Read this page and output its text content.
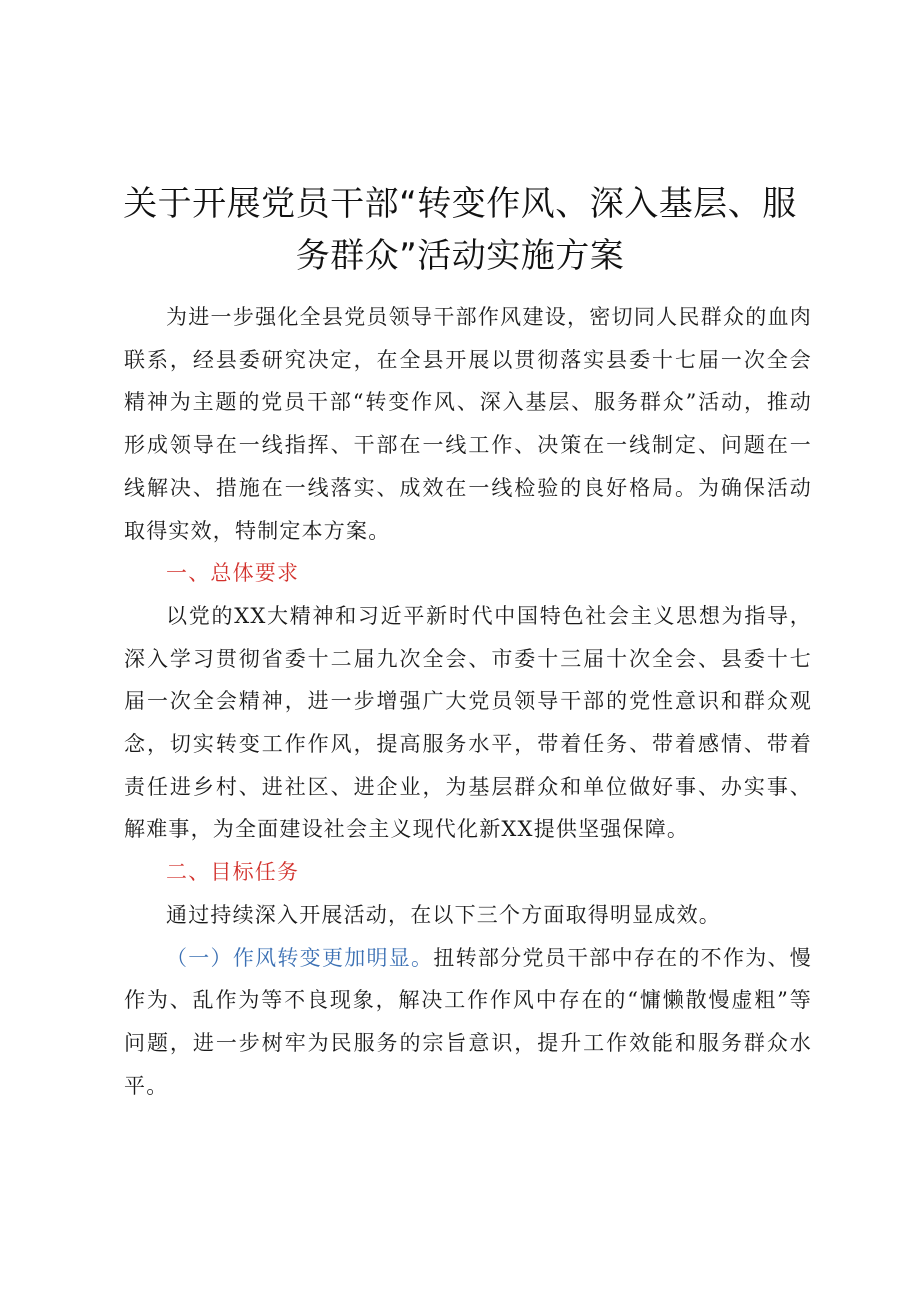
关于开展党员干部“转变作风、深入基层、服
务群众”活动实施方案

为进一步强化全县党员领导干部作风建设，密切同人民群众的血肉联系，经县委研究决定，在全县开展以贯彻落实县委十七届一次全会精神为主题的党员干部“转变作风、深入基层、服务群众”活动，推动形成领导在一线指挥、干部在一线工作、决策在一线制定、问题在一线解决、措施在一线落实、成效在一线检验的良好格局。为确保活动取得实效，特制定本方案。

一、总体要求

以党的XX大精神和习近平新时代中国特色社会主义思想为指导，深入学习贯彻省委十二届九次全会、市委十三届十次全会、县委十七届一次全会精神，进一步增强广大党员领导干部的党性意识和群众观念，切实转变工作作风，提高服务水平，带着任务、带着感情、带着责任进乡村、进社区、进企业，为基层群众和单位做好事、办实事、解难事，为全面建设社会主义现代化新XX提供坚强保障。

二、目标任务

通过持续深入开展活动，在以下三个方面取得明显成效。

（一）作风转变更加明显。扭转部分党员干部中存在的不作为、慢作为、乱作为等不良现象，解决工作作风中存在的“慵懒散慢虚粗”等问题，进一步树牢为民服务的宗旨意识，提升工作效能和服务群众水平。
